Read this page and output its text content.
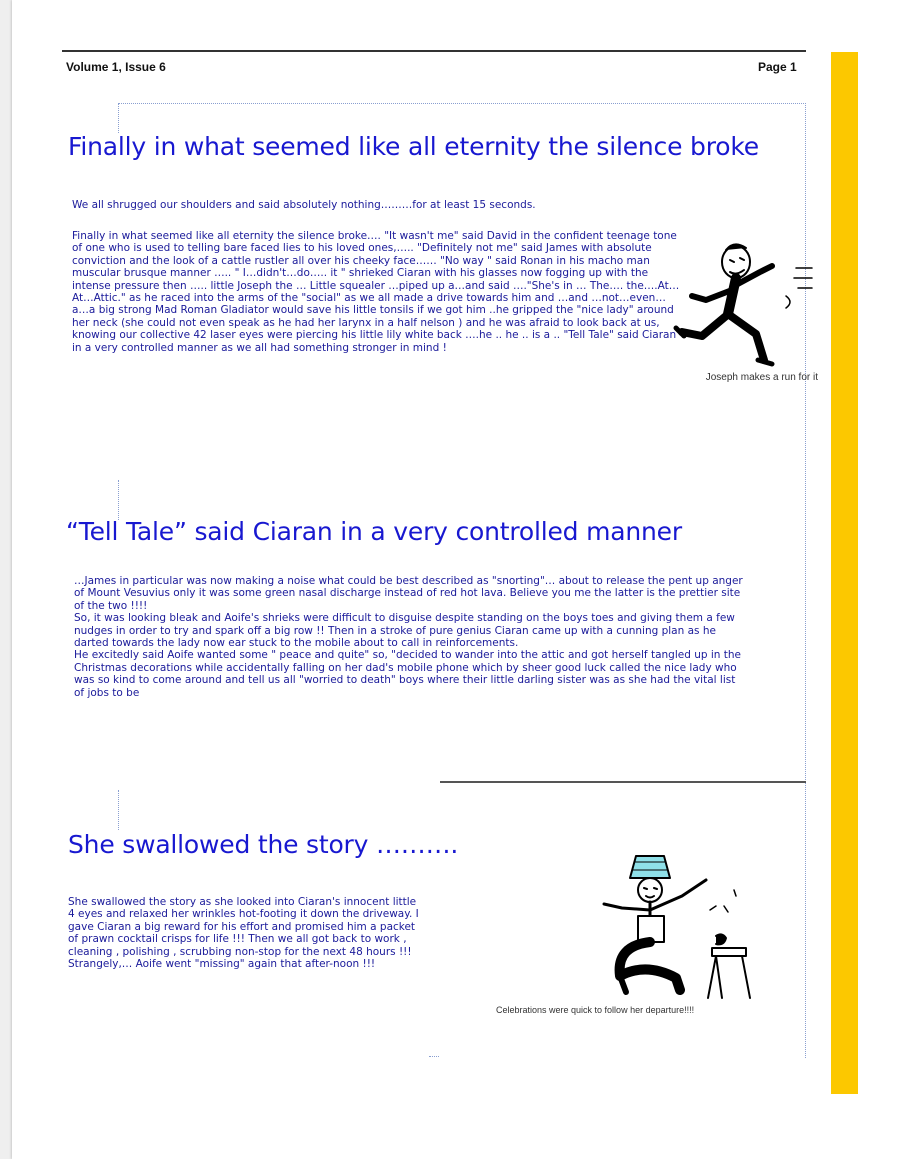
Volume 1, Issue 6	Page 1
Finally in what seemed like all eternity the silence broke
We all shrugged our shoulders and said absolutely nothing………for at least 15 seconds.
Finally in what seemed like all eternity the silence broke…. "It wasn't me" said David in the confident teenage tone of one who is used to telling bare faced lies to his loved ones,….. "Definitely not me" said James with absolute conviction and the look of a cattle rustler all over his cheeky face…… "No way " said Ronan in his macho man muscular brusque manner ….. " I…didn't…do….. it " shrieked Ciaran with his glasses now fogging up with the intense pressure then ….. little Joseph the … Little squealer …piped up a…and said …."She's in … The…. the….At…At…Attic." as he raced into the arms of the "social" as we all made a drive towards him and …and …not…even…a…a big strong Mad Roman Gladiator would save his little tonsils if we got him ..he gripped the "nice lady" around her neck (she could not even speak as he had her larynx in a half nelson ) and he was afraid to look back at us, knowing our collective 42 laser eyes were piercing his little lily white back ….he .. he .. is a .. "Tell Tale" said Ciaran in a very controlled manner as we all had something stronger in mind !
Joseph makes a run for it
“Tell Tale” said Ciaran in a very controlled manner

…James in particular was now making a noise what could be best described as "snorting"… about to release the pent up anger of Mount Vesuvius only it was some green nasal discharge instead of red hot lava. Believe you me the latter is the prettier site of the two !!!!

So, it was looking bleak and Aoife's shrieks were difficult to disguise despite standing on the boys toes and giving them a few nudges in order to try and spark off a big row !! Then in a stroke of pure genius Ciaran came up with a cunning plan as he darted towards the lady now ear stuck to the mobile about to call in reinforcements.

He excitedly said Aoife wanted some " peace and quite" so, "decided to wander into the attic and got herself tangled up in the Christmas decorations while accidentally falling on her dad's mobile phone which by sheer good luck called the nice lady who was so kind to come around and tell us all "worried to death" boys where their little darling sister was as she had the vital list of jobs to be

She swallowed the story ……….
She swallowed the story as she looked into Ciaran's innocent little 4 eyes and relaxed her wrinkles hot-footing it down the driveway. I gave Ciaran a big reward for his effort and promised him a packet of prawn cocktail crisps for life !!! Then we all got back to work , cleaning , polishing , scrubbing non-stop for the next 48 hours !!! Strangely,… Aoife went "missing" again that after-noon !!!
Celebrations were quick to follow her departure!!!!
